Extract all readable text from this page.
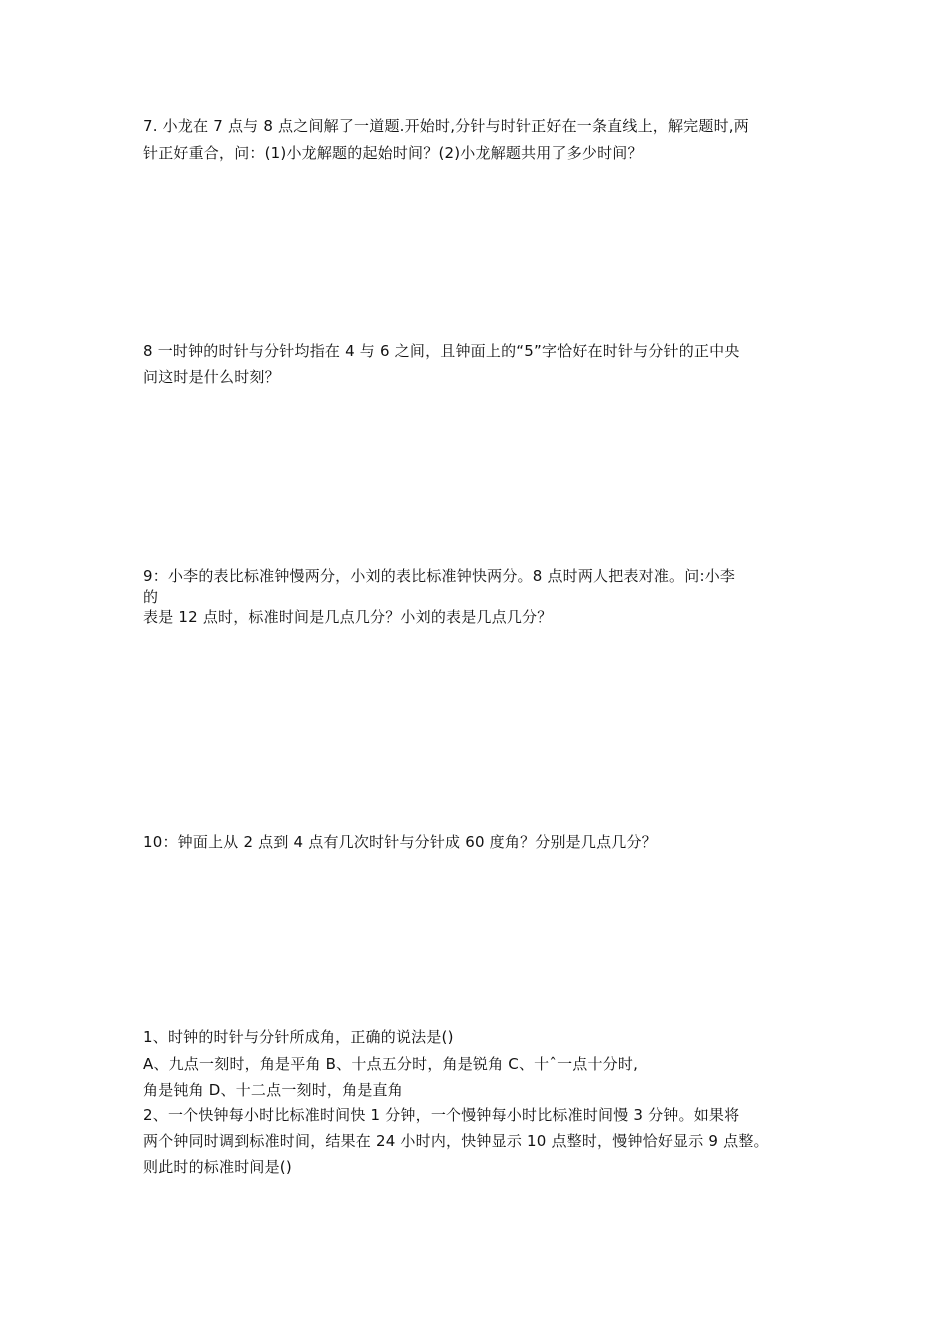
7. 小龙在 7 点与 8 点之间解了一道题.开始时,分针与时针正好在一条直线上，解完题时,两
针正好重合，问：(1)小龙解题的起始时间？(2)小龙解题共用了多少时间？
8 一时钟的时针与分针均指在 4 与 6 之间，且钟面上的“5”字恰好在时针与分针的正中央
问这时是什么时刻？
9：小李的表比标准钟慢两分，小刘的表比标准钟快两分。8 点时两人把表对准。问:小李
的
表是 12 点时，标准时间是几点几分？小刘的表是几点几分？
10：钟面上从 2 点到 4 点有几次时针与分针成 60 度角？分别是几点几分？
1、时钟的时针与分针所成角，正确的说法是()
A、九点一刻时，角是平角 B、十点五分时，角是锐角 C、十ˆ一点十分时,
角是钝角 D、十二点一刻时，角是直角
2、一个快钟每小时比标准时间快 1 分钟，一个慢钟每小时比标准时间慢 3 分钟。如果将
两个钟同时调到标准时间，结果在 24 小时内，快钟显示 10 点整时，慢钟恰好显示 9 点整。
则此时的标准时间是()
